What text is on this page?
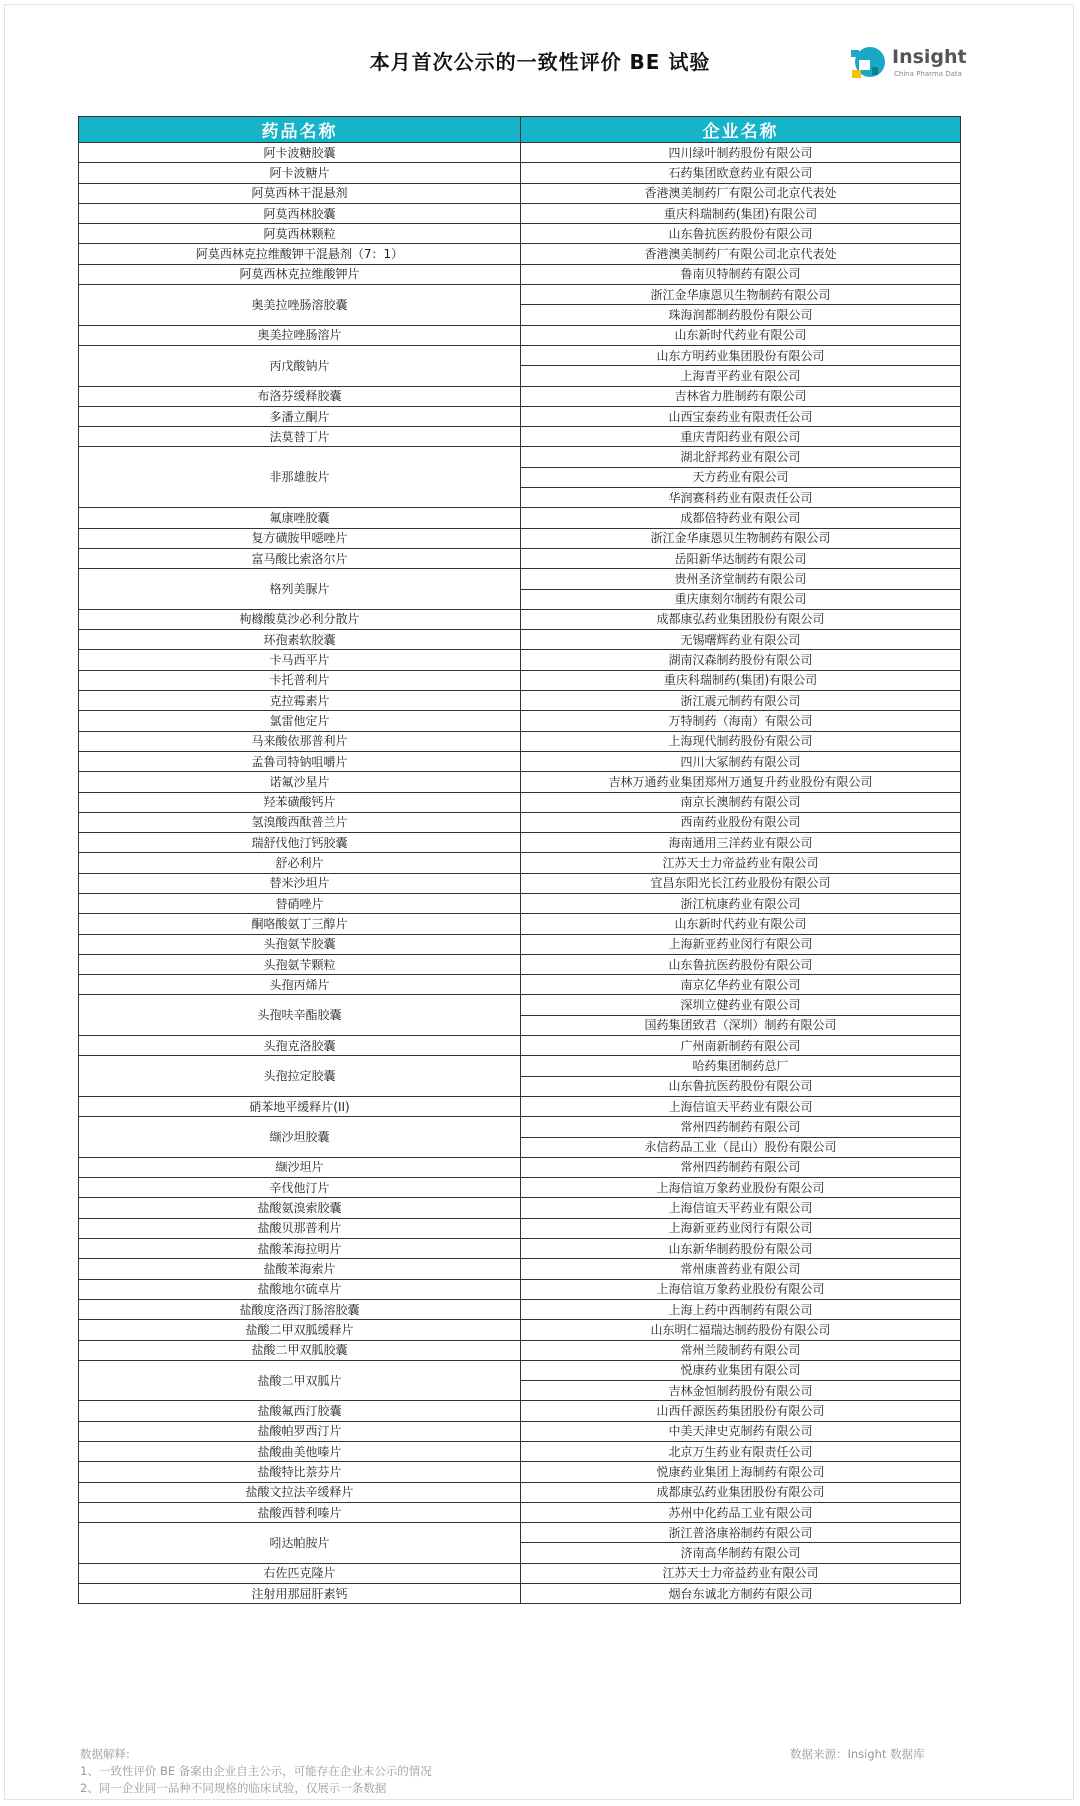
本月首次公示的一致性评价 BE 试验	Insight
China Pharma Data
药品名称	企业名称
阿卡波糖胶囊	四川绿叶制药股份有限公司
阿卡波糖片	石药集团欧意药业有限公司
阿莫西林干混悬剂	香港澳美制药厂有限公司北京代表处
阿莫西林胶囊	重庆科瑞制药(集团)有限公司
阿莫西林颗粒	山东鲁抗医药股份有限公司
阿莫西林克拉维酸钾干混悬剂（7：1）	香港澳美制药厂有限公司北京代表处
阿莫西林克拉维酸钾片	鲁南贝特制药有限公司
奥美拉唑肠溶胶囊	浙江金华康恩贝生物制药有限公司
	珠海润都制药股份有限公司
奥美拉唑肠溶片	山东新时代药业有限公司
丙戊酸钠片	山东方明药业集团股份有限公司
	上海青平药业有限公司
布洛芬缓释胶囊	吉林省力胜制药有限公司
多潘立酮片	山西宝泰药业有限责任公司
法莫替丁片	重庆青阳药业有限公司
非那雄胺片	湖北舒邦药业有限公司
	天方药业有限公司
	华润赛科药业有限责任公司
氟康唑胶囊	成都倍特药业有限公司
复方磺胺甲噁唑片	浙江金华康恩贝生物制药有限公司
富马酸比索洛尔片	岳阳新华达制药有限公司
格列美脲片	贵州圣济堂制药有限公司
	重庆康刻尔制药有限公司
枸橼酸莫沙必利分散片	成都康弘药业集团股份有限公司
环孢素软胶囊	无锡曙辉药业有限公司
卡马西平片	湖南汉森制药股份有限公司
卡托普利片	重庆科瑞制药(集团)有限公司
克拉霉素片	浙江震元制药有限公司
氯雷他定片	万特制药（海南）有限公司
马来酸依那普利片	上海现代制药股份有限公司
孟鲁司特钠咀嚼片	四川大冢制药有限公司
诺氟沙星片	吉林万通药业集团郑州万通复升药业股份有限公司
羟苯磺酸钙片	南京长澳制药有限公司
氢溴酸西酞普兰片	西南药业股份有限公司
瑞舒伐他汀钙胶囊	海南通用三洋药业有限公司
舒必利片	江苏天士力帝益药业有限公司
替米沙坦片	宜昌东阳光长江药业股份有限公司
替硝唑片	浙江杭康药业有限公司
酮咯酸氨丁三醇片	山东新时代药业有限公司
头孢氨苄胶囊	上海新亚药业闵行有限公司
头孢氨苄颗粒	山东鲁抗医药股份有限公司
头孢丙烯片	南京亿华药业有限公司
头孢呋辛酯胶囊	深圳立健药业有限公司
	国药集团致君（深圳）制药有限公司
头孢克洛胶囊	广州南新制药有限公司
头孢拉定胶囊	哈药集团制药总厂
	山东鲁抗医药股份有限公司
硝苯地平缓释片(II)	上海信谊天平药业有限公司
缬沙坦胶囊	常州四药制药有限公司
	永信药品工业（昆山）股份有限公司
缬沙坦片	常州四药制药有限公司
辛伐他汀片	上海信谊万象药业股份有限公司
盐酸氨溴索胶囊	上海信谊天平药业有限公司
盐酸贝那普利片	上海新亚药业闵行有限公司
盐酸苯海拉明片	山东新华制药股份有限公司
盐酸苯海索片	常州康普药业有限公司
盐酸地尔硫卓片	上海信谊万象药业股份有限公司
盐酸度洛西汀肠溶胶囊	上海上药中西制药有限公司
盐酸二甲双胍缓释片	山东明仁福瑞达制药股份有限公司
盐酸二甲双胍胶囊	常州兰陵制药有限公司
盐酸二甲双胍片	悦康药业集团有限公司
	吉林金恒制药股份有限公司
盐酸氟西汀胶囊	山西仟源医药集团股份有限公司
盐酸帕罗西汀片	中美天津史克制药有限公司
盐酸曲美他嗪片	北京万生药业有限责任公司
盐酸特比萘芬片	悦康药业集团上海制药有限公司
盐酸文拉法辛缓释片	成都康弘药业集团股份有限公司
盐酸西替利嗪片	苏州中化药品工业有限公司
吲达帕胺片	浙江普洛康裕制药有限公司
	济南高华制药有限公司
右佐匹克隆片	江苏天士力帝益药业有限公司
注射用那屈肝素钙	烟台东诚北方制药有限公司
数据解释:
1、一致性评价 BE 备案由企业自主公示，可能存在企业未公示的情况
2、同一企业同一品种不同规格的临床试验，仅展示一条数据
数据来源：Insight 数据库
